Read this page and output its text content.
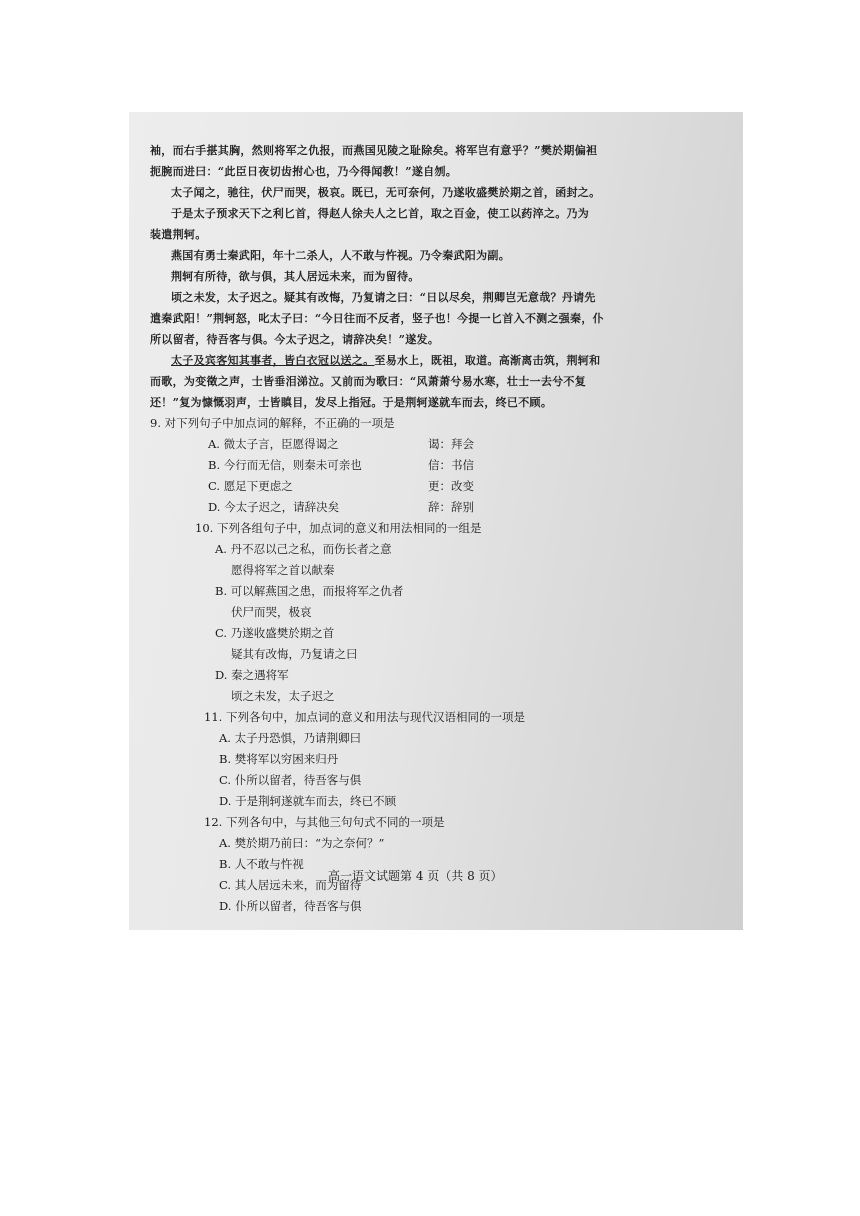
袖，而右手揕其胸，然则将军之仇报，而燕国见陵之耻除矣。将军岂有意乎？”樊於期偏袒
扼腕而进曰：“此臣日夜切齿拊心也，乃今得闻教！”遂自刎。
太子闻之，驰往，伏尸而哭，极哀。既已，无可奈何，乃遂收盛樊於期之首，函封之。
于是太子预求天下之利匕首，得赵人徐夫人之匕首，取之百金，使工以药淬之。乃为
装遣荆轲。
燕国有勇士秦武阳，年十二杀人，人不敢与忤视。乃令秦武阳为副。
荆轲有所待，欲与俱，其人居远未来，而为留待。
顷之未发，太子迟之。疑其有改悔，乃复请之曰：“日以尽矣，荆卿岂无意哉？丹请先
遣秦武阳！”荆轲怒，叱太子曰：“今日往而不反者，竖子也！今提一匕首入不测之强秦，仆
所以留者，待吾客与俱。今太子迟之，请辞决矣！”遂发。
太子及宾客知其事者，皆白衣冠以送之。至易水上，既祖，取道。高渐离击筑，荆轲和
而歌，为变徵之声，士皆垂泪涕泣。又前而为歌曰：“风萧萧兮易水寒，壮士一去兮不复
还！”复为慷慨羽声，士皆瞋目，发尽上指冠。于是荆轲遂就车而去，终已不顾。
9. 对下列句子中加点词的解释，不正确的一项是
A. 微太子言，臣愿得谒之	谒：拜会
B. 今行而无信，则秦未可亲也	信：书信
C. 愿足下更虑之	更：改变
D. 今太子迟之，请辞决矣	辞：辞别
10. 下列各组句子中，加点词的意义和用法相同的一组是
A. 丹不忍以己之私，而伤长者之意
愿得将军之首以献秦
B. 可以解燕国之患，而报将军之仇者
伏尸而哭，极哀
C. 乃遂收盛樊於期之首
疑其有改悔，乃复请之曰
D. 秦之遇将军
顷之未发，太子迟之
11. 下列各句中，加点词的意义和用法与现代汉语相同的一项是
A. 太子丹恐惧，乃请荆卿曰
B. 樊将军以穷困来归丹
C. 仆所以留者，待吾客与俱
D. 于是荆轲遂就车而去，终已不顾
12. 下列各句中，与其他三句句式不同的一项是
A. 樊於期乃前曰：“为之奈何？”
B. 人不敢与忤视
C. 其人居远未来，而为留待
D. 仆所以留者，待吾客与俱
高一语文试题第 4 页（共 8 页）
